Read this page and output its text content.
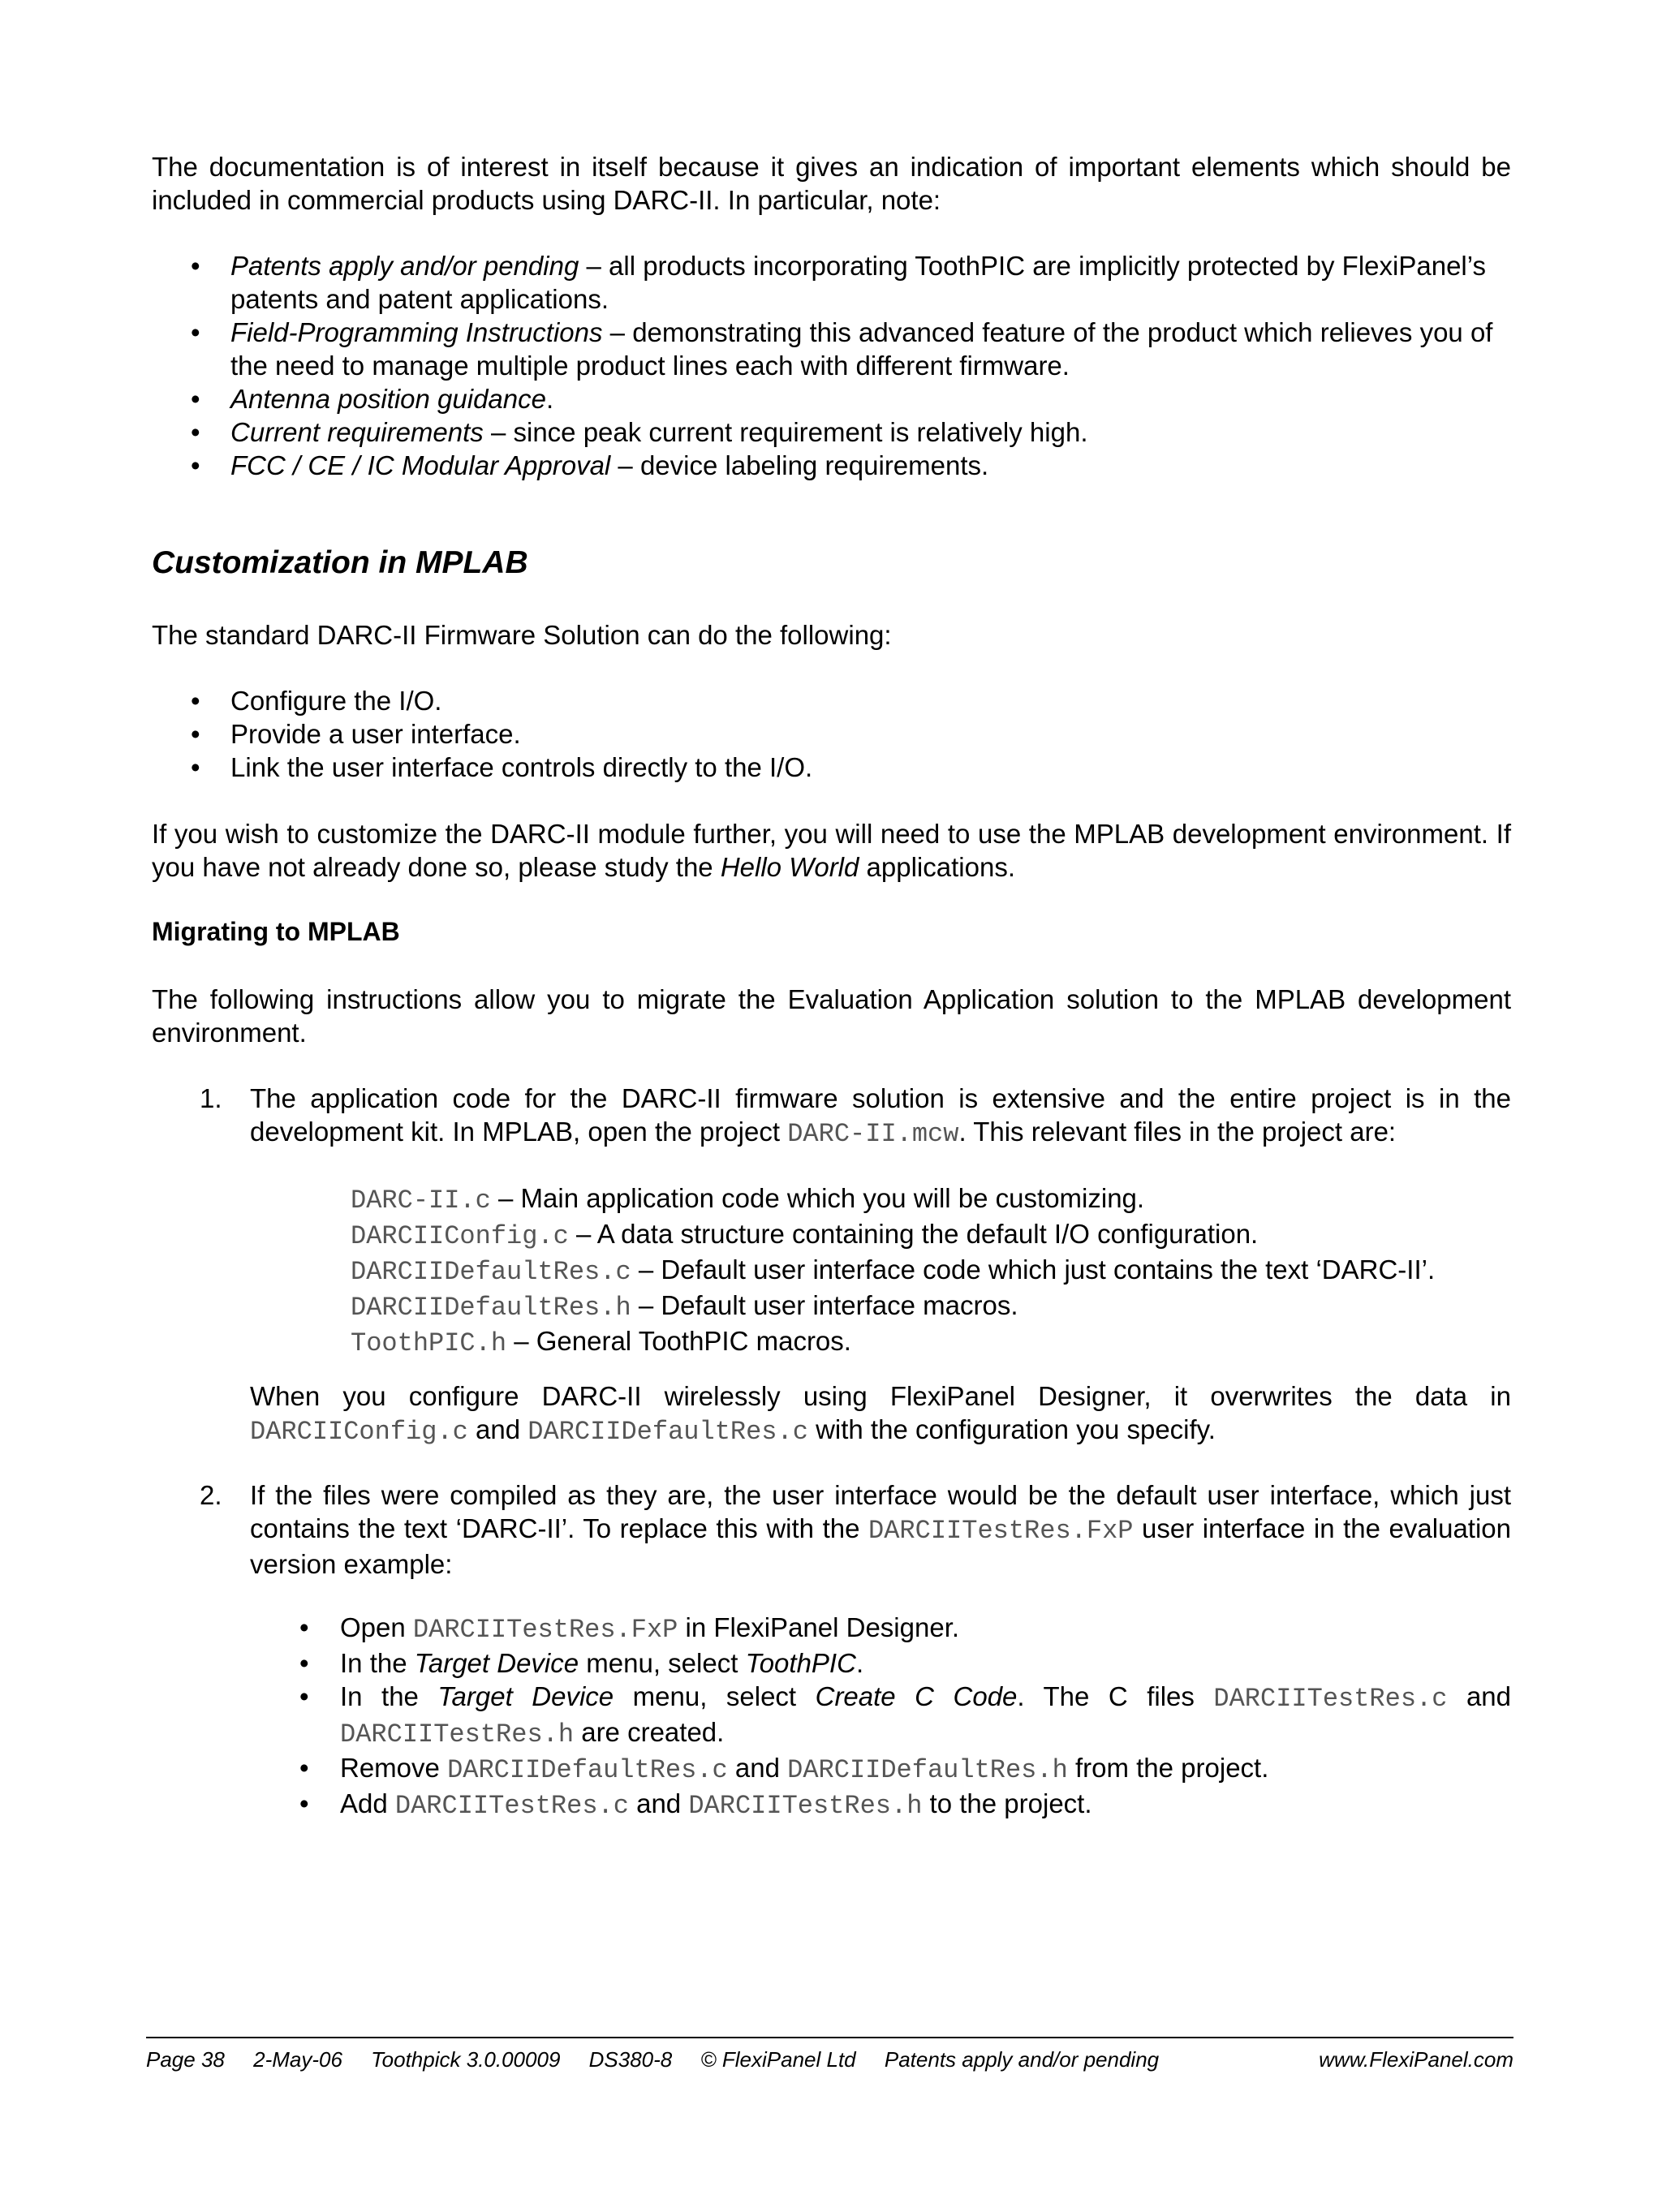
The documentation is of interest in itself because it gives an indication of important elements which should be included in commercial products using DARC-II. In particular, note:

• Patents apply and/or pending – all products incorporating ToothPIC are implicitly protected by FlexiPanel’s patents and patent applications.
• Field-Programming Instructions – demonstrating this advanced feature of the product which relieves you of the need to manage multiple product lines each with different firmware.
• Antenna position guidance.
• Current requirements – since peak current requirement is relatively high.
• FCC / CE / IC Modular Approval – device labeling requirements.
Customization in MPLAB

The standard DARC-II Firmware Solution can do the following:

• Configure the I/O.
• Provide a user interface.
• Link the user interface controls directly to the I/O.

If you wish to customize the DARC-II module further, you will need to use the MPLAB development environment. If you have not already done so, please study the Hello World applications.

Migrating to MPLAB

The following instructions allow you to migrate the Evaluation Application solution to the MPLAB development environment.

1. The application code for the DARC-II firmware solution is extensive and the entire project is in the development kit. In MPLAB, open the project DARC-II.mcw. This relevant files in the project are:

DARC-II.c – Main application code which you will be customizing.
DARCIIConfig.c – A data structure containing the default I/O configuration.
DARCIIDefaultRes.c – Default user interface code which just contains the text ‘DARC-II’.
DARCIIDefaultRes.h – Default user interface macros.
ToothPIC.h – General ToothPIC macros.

When you configure DARC-II wirelessly using FlexiPanel Designer, it overwrites the data in DARCIIConfig.c and DARCIIDefaultRes.c with the configuration you specify.

2. If the files were compiled as they are, the user interface would be the default user interface, which just contains the text ‘DARC-II’. To replace this with the DARCIITestRes.FxP user interface in the evaluation version example:

• Open DARCIITestRes.FxP in FlexiPanel Designer.
• In the Target Device menu, select ToothPIC.
• In the Target Device menu, select Create C Code. The C files DARCIITestRes.c and DARCIITestRes.h are created.
• Remove DARCIIDefaultRes.c and DARCIIDefaultRes.h from the project.
• Add DARCIITestRes.c and DARCIITestRes.h to the project.
Page 38 2-May-06 Toothpick 3.0.00009 DS380-8 © FlexiPanel Ltd Patents apply and/or pending	www.FlexiPanel.com
